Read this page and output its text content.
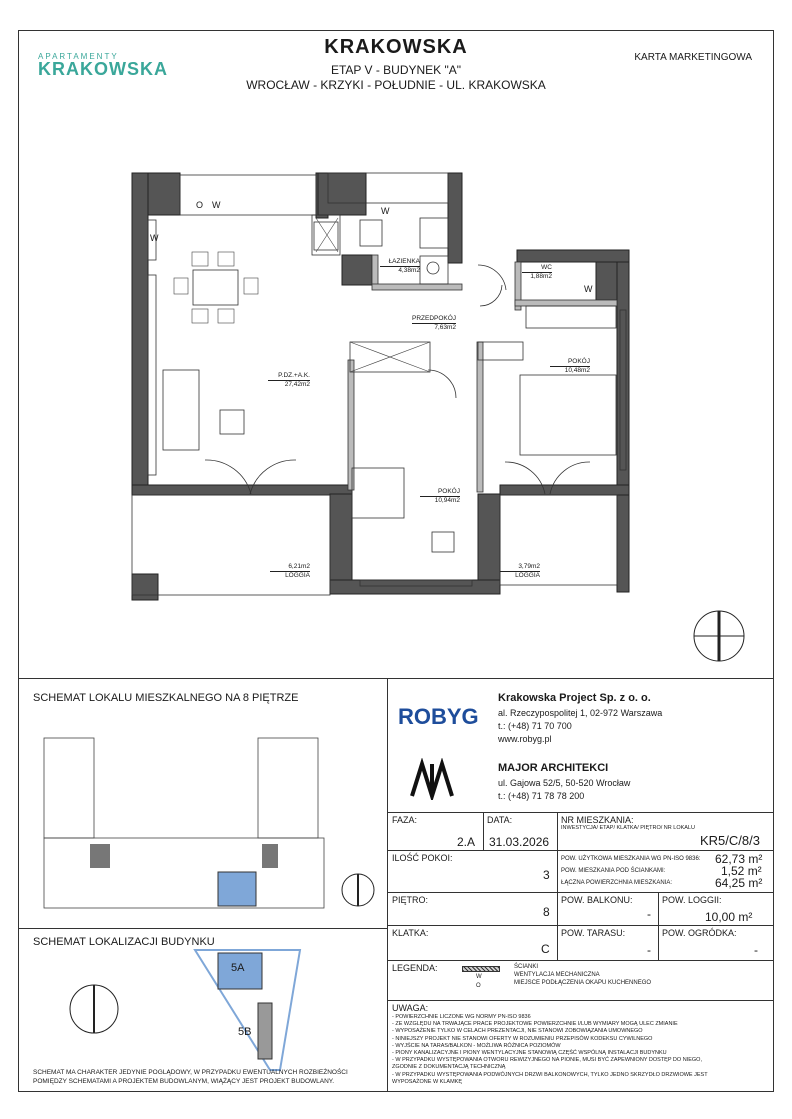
APARTAMENTY
KRAKOWSKA
KRAKOWSKA
ETAP V - BUDYNEK "A"
WROCŁAW - KRZYKI - POŁUDNIE - UL. KRAKOWSKA
KARTA MARKETINGOWA
ŁAZIENKA
4,38m2	WC
1,88m2
PRZEDPOKÓJ
7,63m2
P.DZ.+A.K.
27,42m2
POKÓJ
10,48m2
POKÓJ
10,94m2
6,21m2
LOGGIA
3,79m2
LOGGIA
W
W
W
W
O
SCHEMAT LOKALU MIESZKALNEGO NA 8 PIĘTRZE
SCHEMAT LOKALIZACJI BUDYNKU
5A
5B
SCHEMAT MA CHARAKTER JEDYNIE POGLĄDOWY, W PRZYPADKU EWENTUALNYCH ROZBIEŻNOŚCI POMIĘDZY SCHEMATAMI A PROJEKTEM BUDOWLANYM, WIĄŻĄCY JEST PROJEKT BUDOWLANY.
ROBYG
Krakowska Project Sp. z o. o.
al. Rzeczypospolitej 1, 02-972 Warszawa
t.: (+48) 71 70 700
www.robyg.pl
MAJOR ARCHITEKCI
ul. Gajowa 52/5, 50-520 Wrocław
t.: (+48) 71 78 78 200
FAZA:
2.A
DATA:
31.03.2026
NR MIESZKANIA:
INWESTYCJA/ ETAP/ KLATKA/ PIĘTRO/ NR LOKALU
KR5/C/8/3
ILOŚĆ POKOI:
3
POW. UŻYTKOWA MIESZKANIA WG PN-ISO 9836: 62,73 m²
POW. MIESZKANIA POD ŚCIANKAMI:	1,52 m²
ŁĄCZNA POWIERZCHNIA MIESZKANIA:	64,25 m²
PIĘTRO:
8
POW. BALKONU:
-
POW. LOGGII:
10,00 m²
KLATKA:
C
POW. TARASU:
-
POW. OGRÓDKA:
-
LEGENDA:
W
O
ŚCIANKI
WENTYLACJA MECHANICZNA
MIEJSCE PODŁĄCZENIA OKAPU KUCHENNEGO
UWAGA:
- POWIERZCHNIE LICZONE WG NORMY PN-ISO 9836
- ZE WZGLĘDU NA TRWAJĄCE PRACE PROJEKTOWE POWIERZCHNIE I/LUB WYMIARY MOGĄ ULEC ZMIANIE
- WYPOSAŻENIE TYLKO W CELACH PREZENTACJI, NIE STANOWI ZOBOWIĄZANIA UMOWNEGO
- NINIEJSZY PROJEKT NIE STANOWI OFERTY W ROZUMIENIU PRZEPISÓW KODEKSU CYWILNEGO
- WYJŚCIE NA TARAS/BALKON - MOŻLIWA RÓŻNICA POZIOMÓW
- PIONY KANALIZACYJNE I PIONY WENTYLACYJNE STANOWIĄ CZĘŚĆ WSPÓLNĄ INSTALACJI BUDYNKU
- W PRZYPADKU WYSTĘPOWANIA OTWORU REWIZYJNEGO NA PIONIE, MUSI BYĆ ZAPEWNIONY DOSTĘP DO NIEGO, ZGODNIE Z DOKUMENTACJĄ TECHNICZNĄ
- W PRZYPADKU WYSTĘPOWANIA PODWÓJNYCH DRZWI BALKONOWYCH, TYLKO JEDNO SKRZYDŁO DRZWIOWE JEST WYPOSAŻONE W KLAMKĘ
